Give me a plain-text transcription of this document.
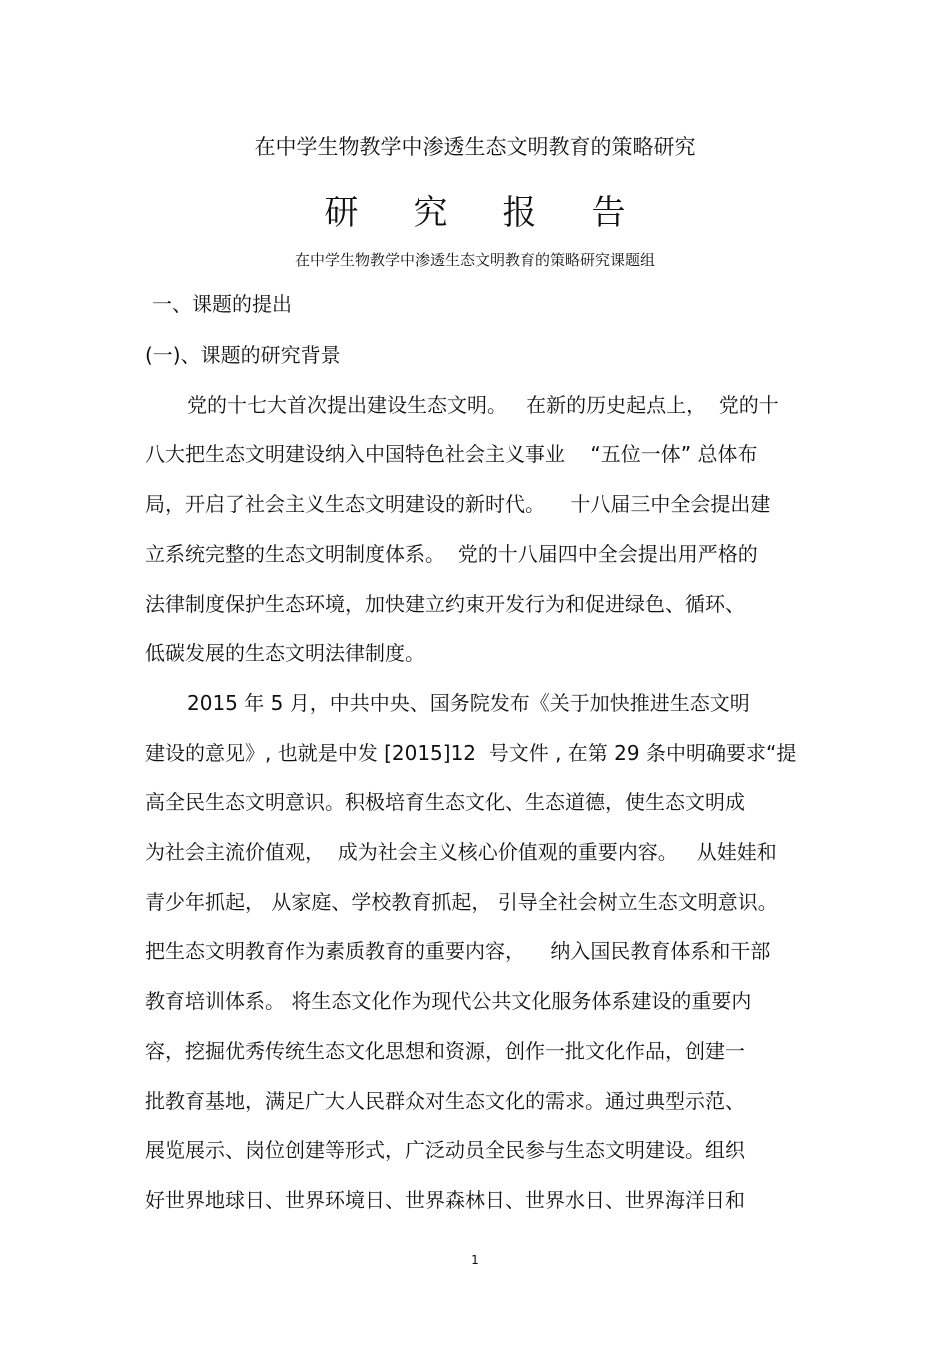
在中学生物教学中渗透生态文明教育的策略研究
研究报告
在中学生物教学中渗透生态文明教育的策略研究课题组
一、课题的提出
(一)、课题的研究背景
党的十七大首次提出建设生态文明。   在新的历史起点上，  党的十
八大把生态文明建设纳入中国特色社会主义事业    “五位一体” 总体布
局，开启了社会主义生态文明建设的新时代。    十八届三中全会提出建
立系统完整的生态文明制度体系。  党的十八届四中全会提出用严格的
法律制度保护生态环境，加快建立约束开发行为和促进绿色、循环、
低碳发展的生态文明法律制度。
2015 年 5 月，中共中央、国务院发布《关于加快推进生态文明
建设的意见》, 也就是中发 [2015]12  号文件 , 在第 29 条中明确要求“提
高全民生态文明意识。积极培育生态文化、生态道德，使生态文明成
为社会主流价值观，  成为社会主义核心价值观的重要内容。   从娃娃和
青少年抓起， 从家庭、学校教育抓起， 引导全社会树立生态文明意识。
把生态文明教育作为素质教育的重要内容，    纳入国民教育体系和干部
教育培训体系。 将生态文化作为现代公共文化服务体系建设的重要内
容，挖掘优秀传统生态文化思想和资源，创作一批文化作品，创建一
批教育基地，满足广大人民群众对生态文化的需求。通过典型示范、
展览展示、岗位创建等形式，广泛动员全民参与生态文明建设。组织
好世界地球日、世界环境日、世界森林日、世界水日、世界海洋日和
1
